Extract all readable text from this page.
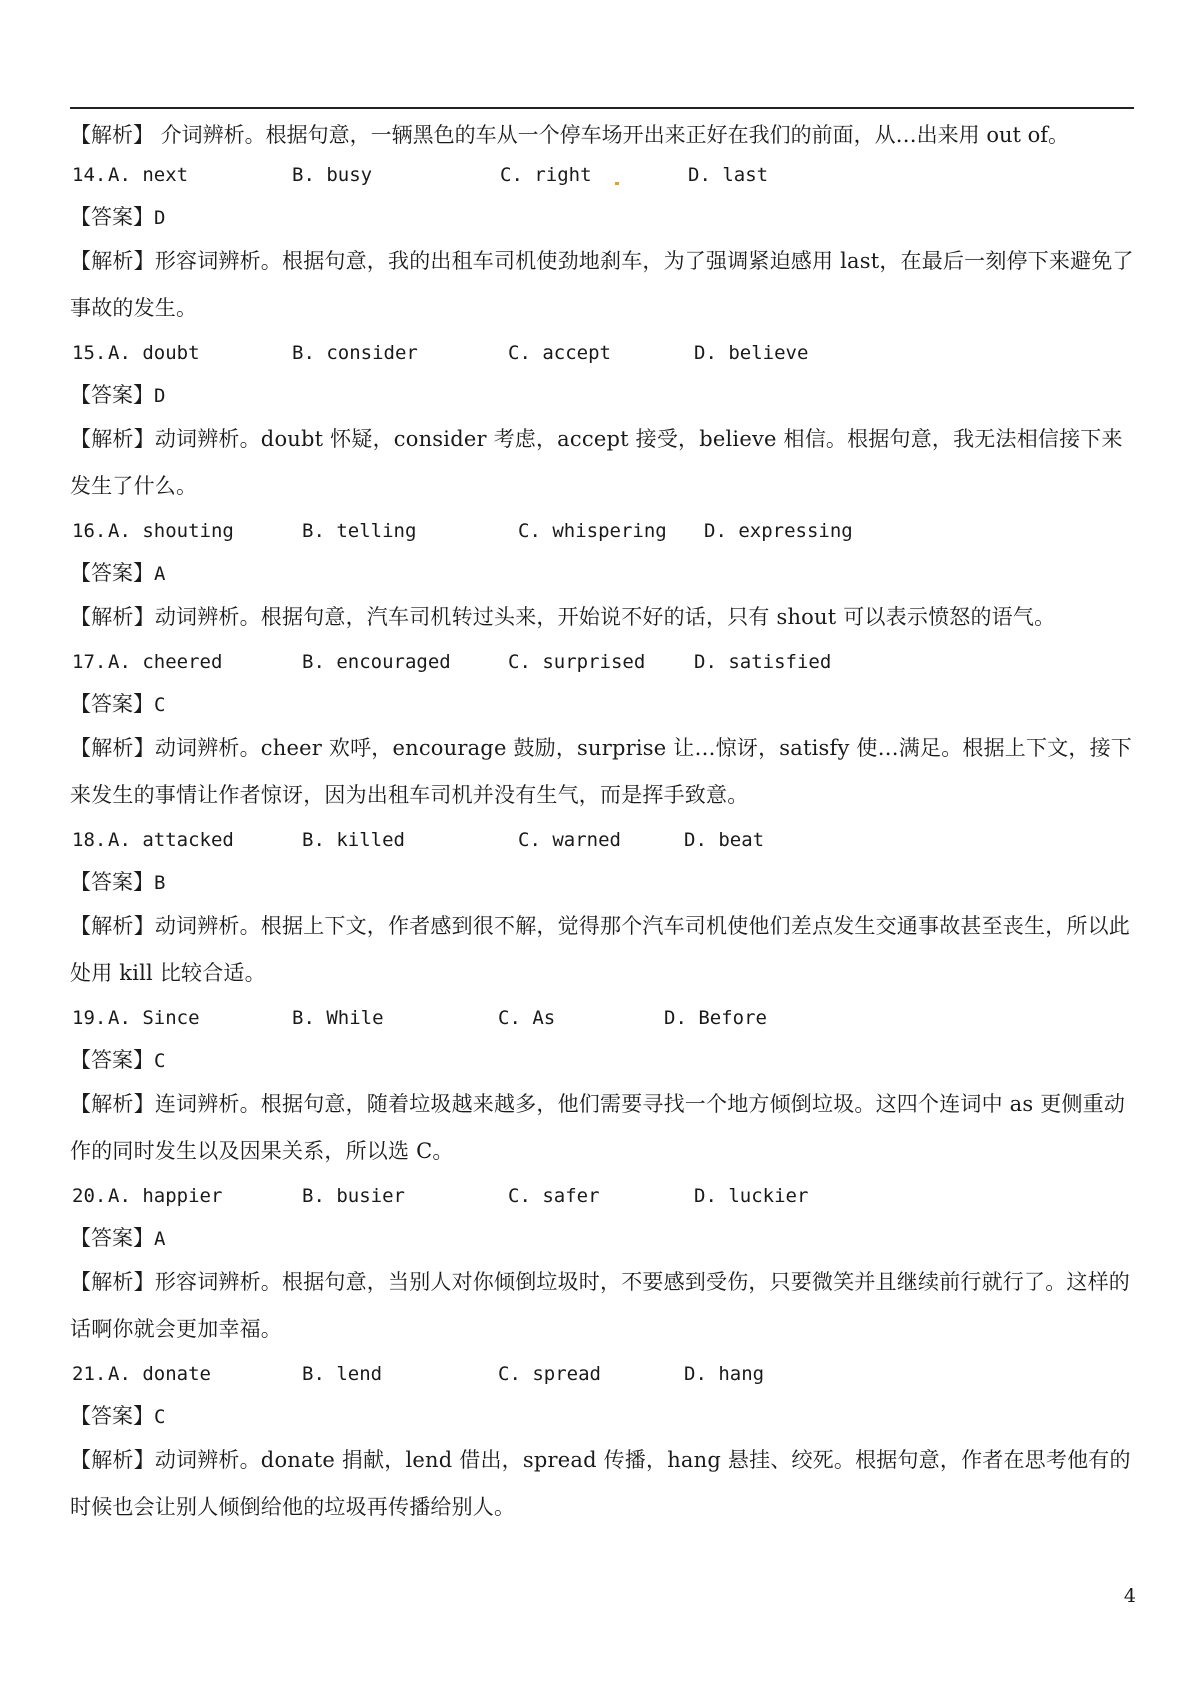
【解析】 介词辨析。根据句意，一辆黑色的车从一个停车场开出来正好在我们的前面，从…出来用 out of。

14. A. next	B. busy	C. right	D. last
【答案】D

【解析】形容词辨析。根据句意，我的出租车司机使劲地刹车，为了强调紧迫感用 last，在最后一刻停下来避免了事故的发生。

15. A. doubt	B. consider	C. accept	D. believe
【答案】D

【解析】动词辨析。doubt 怀疑，consider 考虑，accept 接受，believe 相信。根据句意，我无法相信接下来发生了什么。

16. A. shouting	B. telling	C. whispering D. expressing
【答案】A

【解析】动词辨析。根据句意，汽车司机转过头来，开始说不好的话，只有 shout 可以表示愤怒的语气。

17. A. cheered	B. encouraged	C. surprised	D. satisfied
【答案】C

【解析】动词辨析。cheer 欢呼，encourage 鼓励，surprise 让…惊讶，satisfy 使…满足。根据上下文，接下来发生的事情让作者惊讶，因为出租车司机并没有生气，而是挥手致意。

18. A. attacked	B. killed	C. warned	D. beat
【答案】B

【解析】动词辨析。根据上下文，作者感到很不解，觉得那个汽车司机使他们差点发生交通事故甚至丧生，所以此处用 kill 比较合适。

19. A. Since	B. While	C. As	D. Before
【答案】C

【解析】连词辨析。根据句意，随着垃圾越来越多，他们需要寻找一个地方倾倒垃圾。这四个连词中 as 更侧重动作的同时发生以及因果关系，所以选 C。

20. A. happier	B. busier	C. safer	D. luckier
【答案】A

【解析】形容词辨析。根据句意，当别人对你倾倒垃圾时，不要感到受伤，只要微笑并且继续前行就行了。这样的话啊你就会更加幸福。

21. A. donate	B. lend	C. spread	D. hang
【答案】C

【解析】动词辨析。donate 捐献，lend 借出，spread 传播，hang 悬挂、绞死。根据句意，作者在思考他有的时候也会让别人倾倒给他的垃圾再传播给别人。

4
